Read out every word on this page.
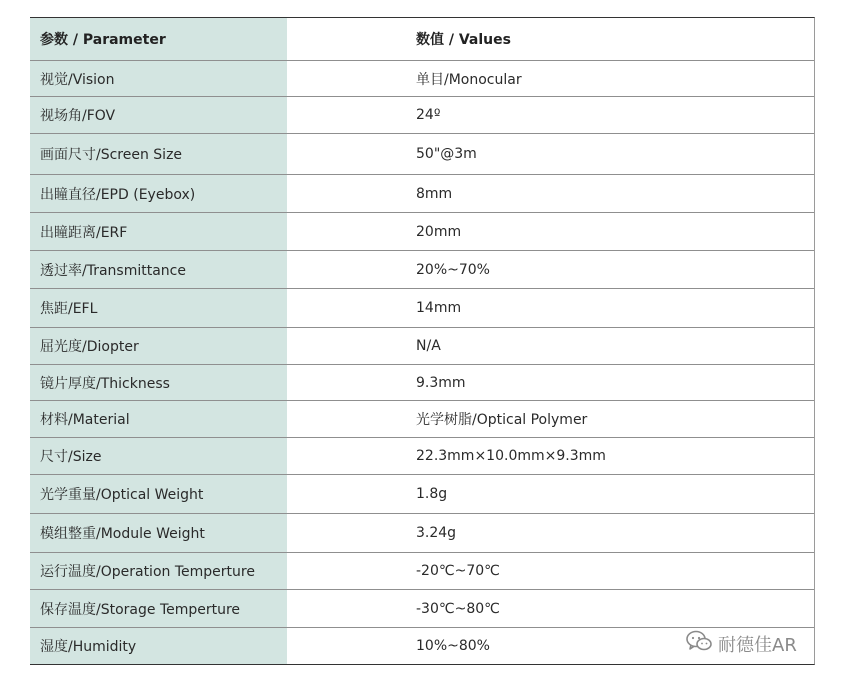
参数 / Parameter	数值 / Values
视觉/Vision	单目/Monocular
视场角/FOV	24º
画面尺寸/Screen Size	50"@3m
出瞳直径/EPD (Eyebox)	8mm
出瞳距离/ERF	20mm
透过率/Transmittance	20%~70%
焦距/EFL	14mm
屈光度/Diopter	N/A
镜片厚度/Thickness	9.3mm
材料/Material	光学树脂/Optical Polymer
尺寸/Size	22.3mm×10.0mm×9.3mm
光学重量/Optical Weight	1.8g
模组整重/Module Weight	3.24g
运行温度/Operation Temperture	-20℃~70℃
保存温度/Storage Temperture	-30℃~80℃
湿度/Humidity	10%~80%	耐德佳AR
